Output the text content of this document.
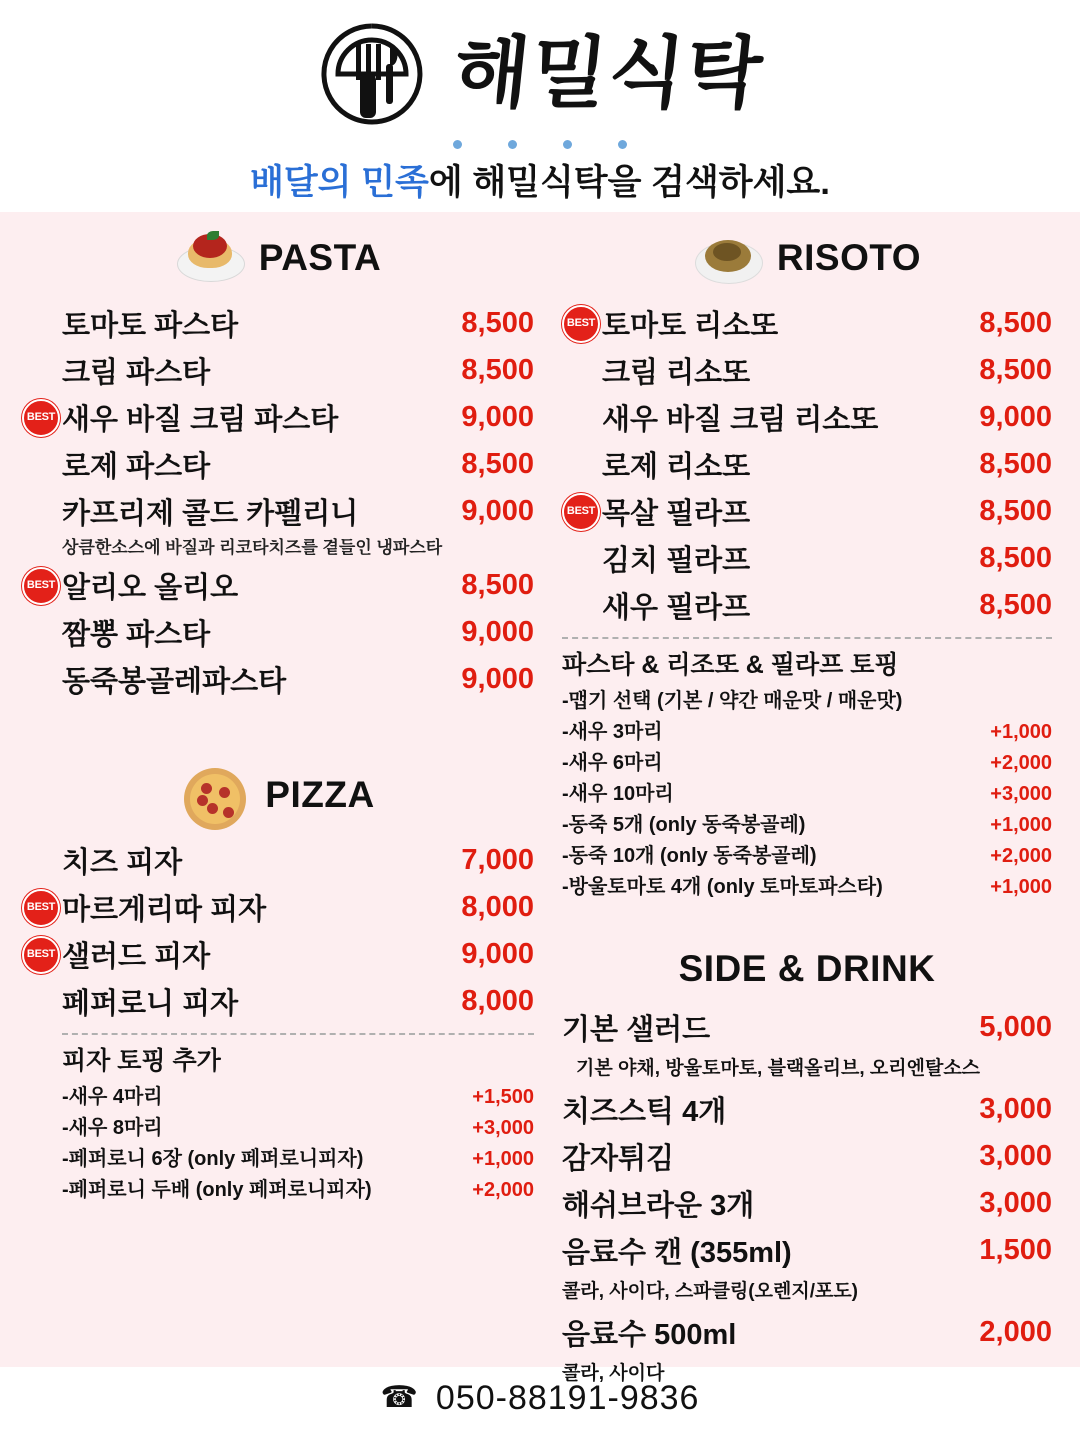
해밀식탁
배달의 민족에 해밀식탁을 검색하세요.
PASTA
토마토 파스타	8,500
크림 파스타	8,500
BEST 새우 바질 크림 파스타	9,000
로제 파스타	8,500
카프리제 콜드 카펠리니	9,000
상큼한소스에 바질과 리코타치즈를 곁들인 냉파스타
BEST 알리오 올리오	8,500
짬뽕 파스타	9,000
동죽봉골레파스타	9,000
PIZZA
치즈 피자	7,000
BEST 마르게리따 피자	8,000
BEST 샐러드 피자	9,000
페퍼로니 피자	8,000
피자 토핑 추가
-새우 4마리	+1,500
-새우 8마리	+3,000
-페퍼로니 6장 (only 페퍼로니피자)	+1,000
-페퍼로니 두배 (only 페퍼로니피자)	+2,000
RISOTO
BEST 토마토 리소또	8,500
크림 리소또	8,500
새우 바질 크림 리소또	9,000
로제 리소또	8,500
BEST 목살 필라프	8,500
김치 필라프	8,500
새우 필라프	8,500
파스타 & 리조또 & 필라프 토핑
-맵기 선택 (기본 / 약간 매운맛 / 매운맛)
-새우 3마리	+1,000
-새우 6마리	+2,000
-새우 10마리	+3,000
-동죽 5개 (only 동죽봉골레)	+1,000
-동죽 10개 (only 동죽봉골레)	+2,000
-방울토마토 4개 (only 토마토파스타)	+1,000
SIDE & DRINK
기본 샐러드	5,000
기본 야채, 방울토마토, 블랙올리브, 오리엔탈소스
치즈스틱 4개	3,000
감자튀김	3,000
해쉬브라운 3개	3,000
음료수 캔 (355ml)	1,500
콜라, 사이다, 스파클링(오렌지/포도)
음료수 500ml	2,000
콜라, 사이다
☎ 050-88191-9836
